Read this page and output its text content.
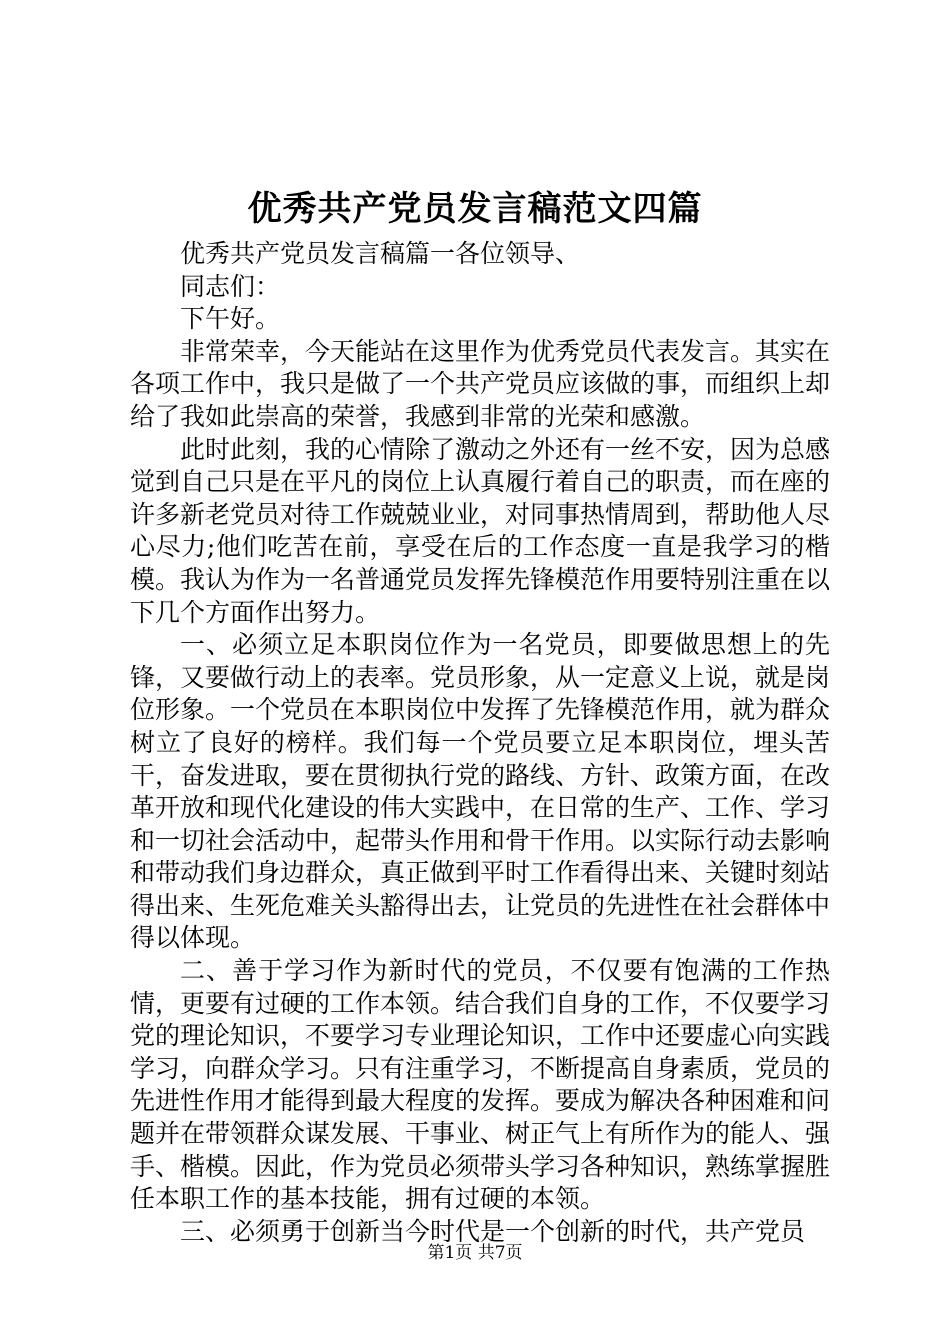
优秀共产党员发言稿范文四篇

优秀共产党员发言稿篇一各位领导、

同志们：

下午好。

非常荣幸，今天能站在这里作为优秀党员代表发言。其实在各项工作中，我只是做了一个共产党员应该做的事，而组织上却给了我如此崇高的荣誉，我感到非常的光荣和感激。

此时此刻，我的心情除了激动之外还有一丝不安，因为总感觉到自己只是在平凡的岗位上认真履行着自己的职责，而在座的许多新老党员对待工作兢兢业业，对同事热情周到，帮助他人尽心尽力;他们吃苦在前，享受在后的工作态度一直是我学习的楷模。我认为作为一名普通党员发挥先锋模范作用要特别注重在以下几个方面作出努力。

一、必须立足本职岗位作为一名党员，即要做思想上的先锋，又要做行动上的表率。党员形象，从一定意义上说，就是岗位形象。一个党员在本职岗位中发挥了先锋模范作用，就为群众树立了良好的榜样。我们每一个党员要立足本职岗位，埋头苦干，奋发进取，要在贯彻执行党的路线、方针、政策方面，在改革开放和现代化建设的伟大实践中，在日常的生产、工作、学习和一切社会活动中，起带头作用和骨干作用。以实际行动去影响和带动我们身边群众，真正做到平时工作看得出来、关键时刻站得出来、生死危难关头豁得出去，让党员的先进性在社会群体中得以体现。

二、善于学习作为新时代的党员，不仅要有饱满的工作热情，更要有过硬的工作本领。结合我们自身的工作，不仅要学习党的理论知识，不要学习专业理论知识，工作中还要虚心向实践学习，向群众学习。只有注重学习，不断提高自身素质，党员的先进性作用才能得到最大程度的发挥。要成为解决各种困难和问题并在带领群众谋发展、干事业、树正气上有所作为的能人、强手、楷模。因此，作为党员必须带头学习各种知识，熟练掌握胜任本职工作的基本技能，拥有过硬的本领。

三、必须勇于创新当今时代是一个创新的时代，共产党员

第1页 共7页
